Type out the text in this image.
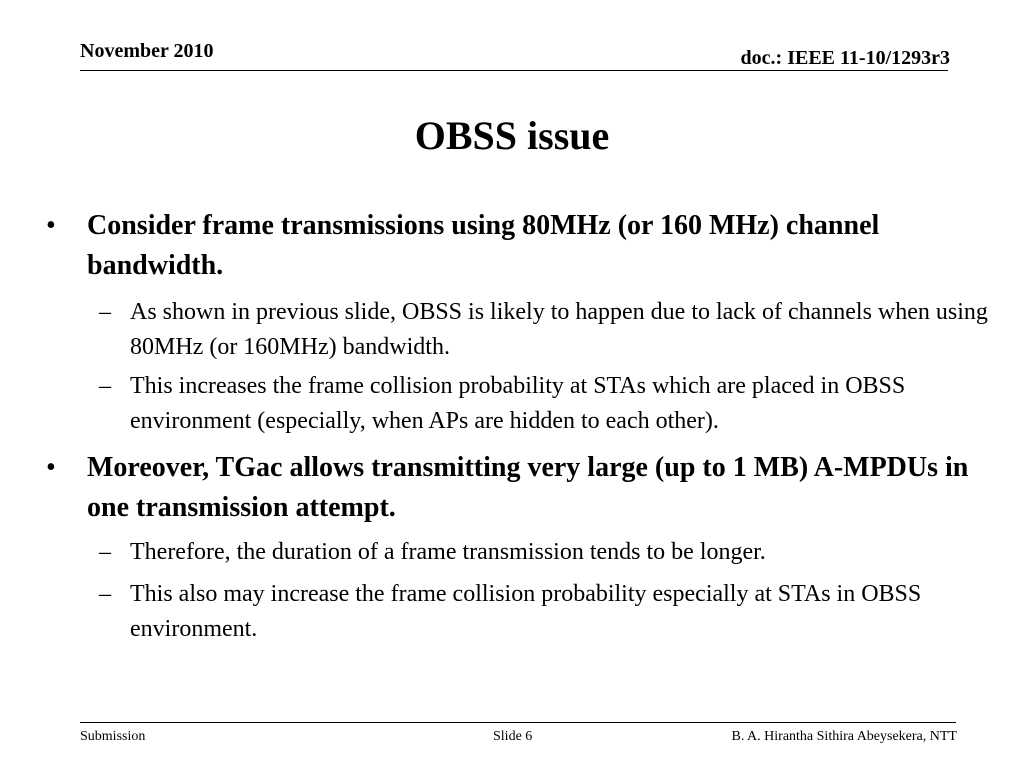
November 2010	doc.: IEEE 11-10/1293r3
OBSS issue
• Consider frame transmissions using 80MHz (or 160 MHz) channel bandwidth.
– As shown in previous slide, OBSS is likely to happen due to lack of channels when using 80MHz (or 160MHz) bandwidth.
– This increases the frame collision probability at STAs which are placed in OBSS environment (especially, when APs are hidden to each other).
• Moreover, TGac allows transmitting very large (up to 1 MB) A-MPDUs in one transmission attempt.
– Therefore, the duration of a frame transmission tends to be longer.
– This also may increase the frame collision probability especially at STAs in OBSS environment.
Submission	Slide 6	B. A. Hirantha Sithira Abeysekera, NTT
